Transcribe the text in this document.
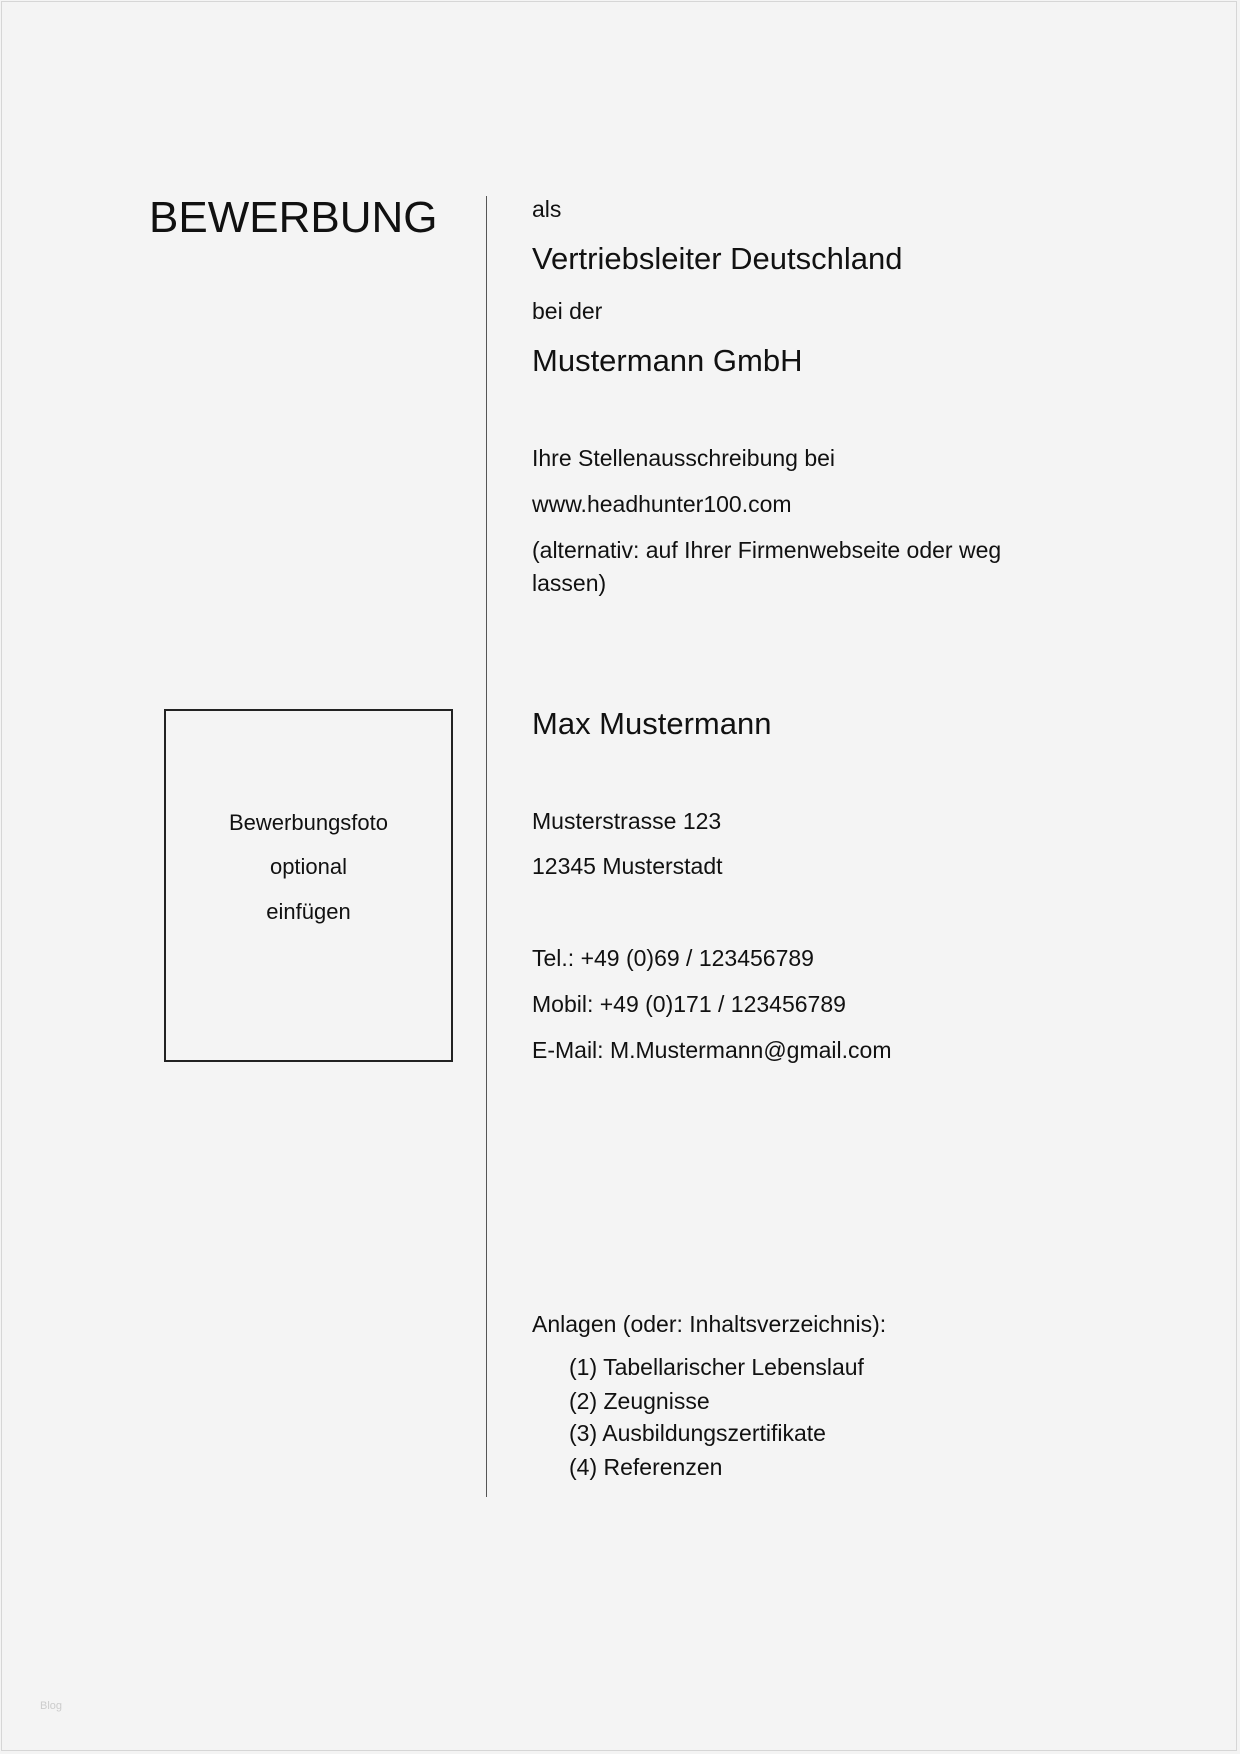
BEWERBUNG	als
Vertriebsleiter Deutschland
bei der
Mustermann GmbH
Ihre Stellenausschreibung bei
www.headhunter100.com
(alternativ: auf Ihrer Firmenwebseite oder weg lassen)
Bewerbungsfoto
optional
einfügen
Max Mustermann
Musterstrasse 123
12345 Musterstadt
Tel.: +49 (0)69 / 123456789
Mobil: +49 (0)171 / 123456789
E-Mail: M.Mustermann@gmail.com
Anlagen (oder: Inhaltsverzeichnis):
(1) Tabellarischer Lebenslauf
(2) Zeugnisse
(3) Ausbildungszertifikate
(4) Referenzen
Blog
